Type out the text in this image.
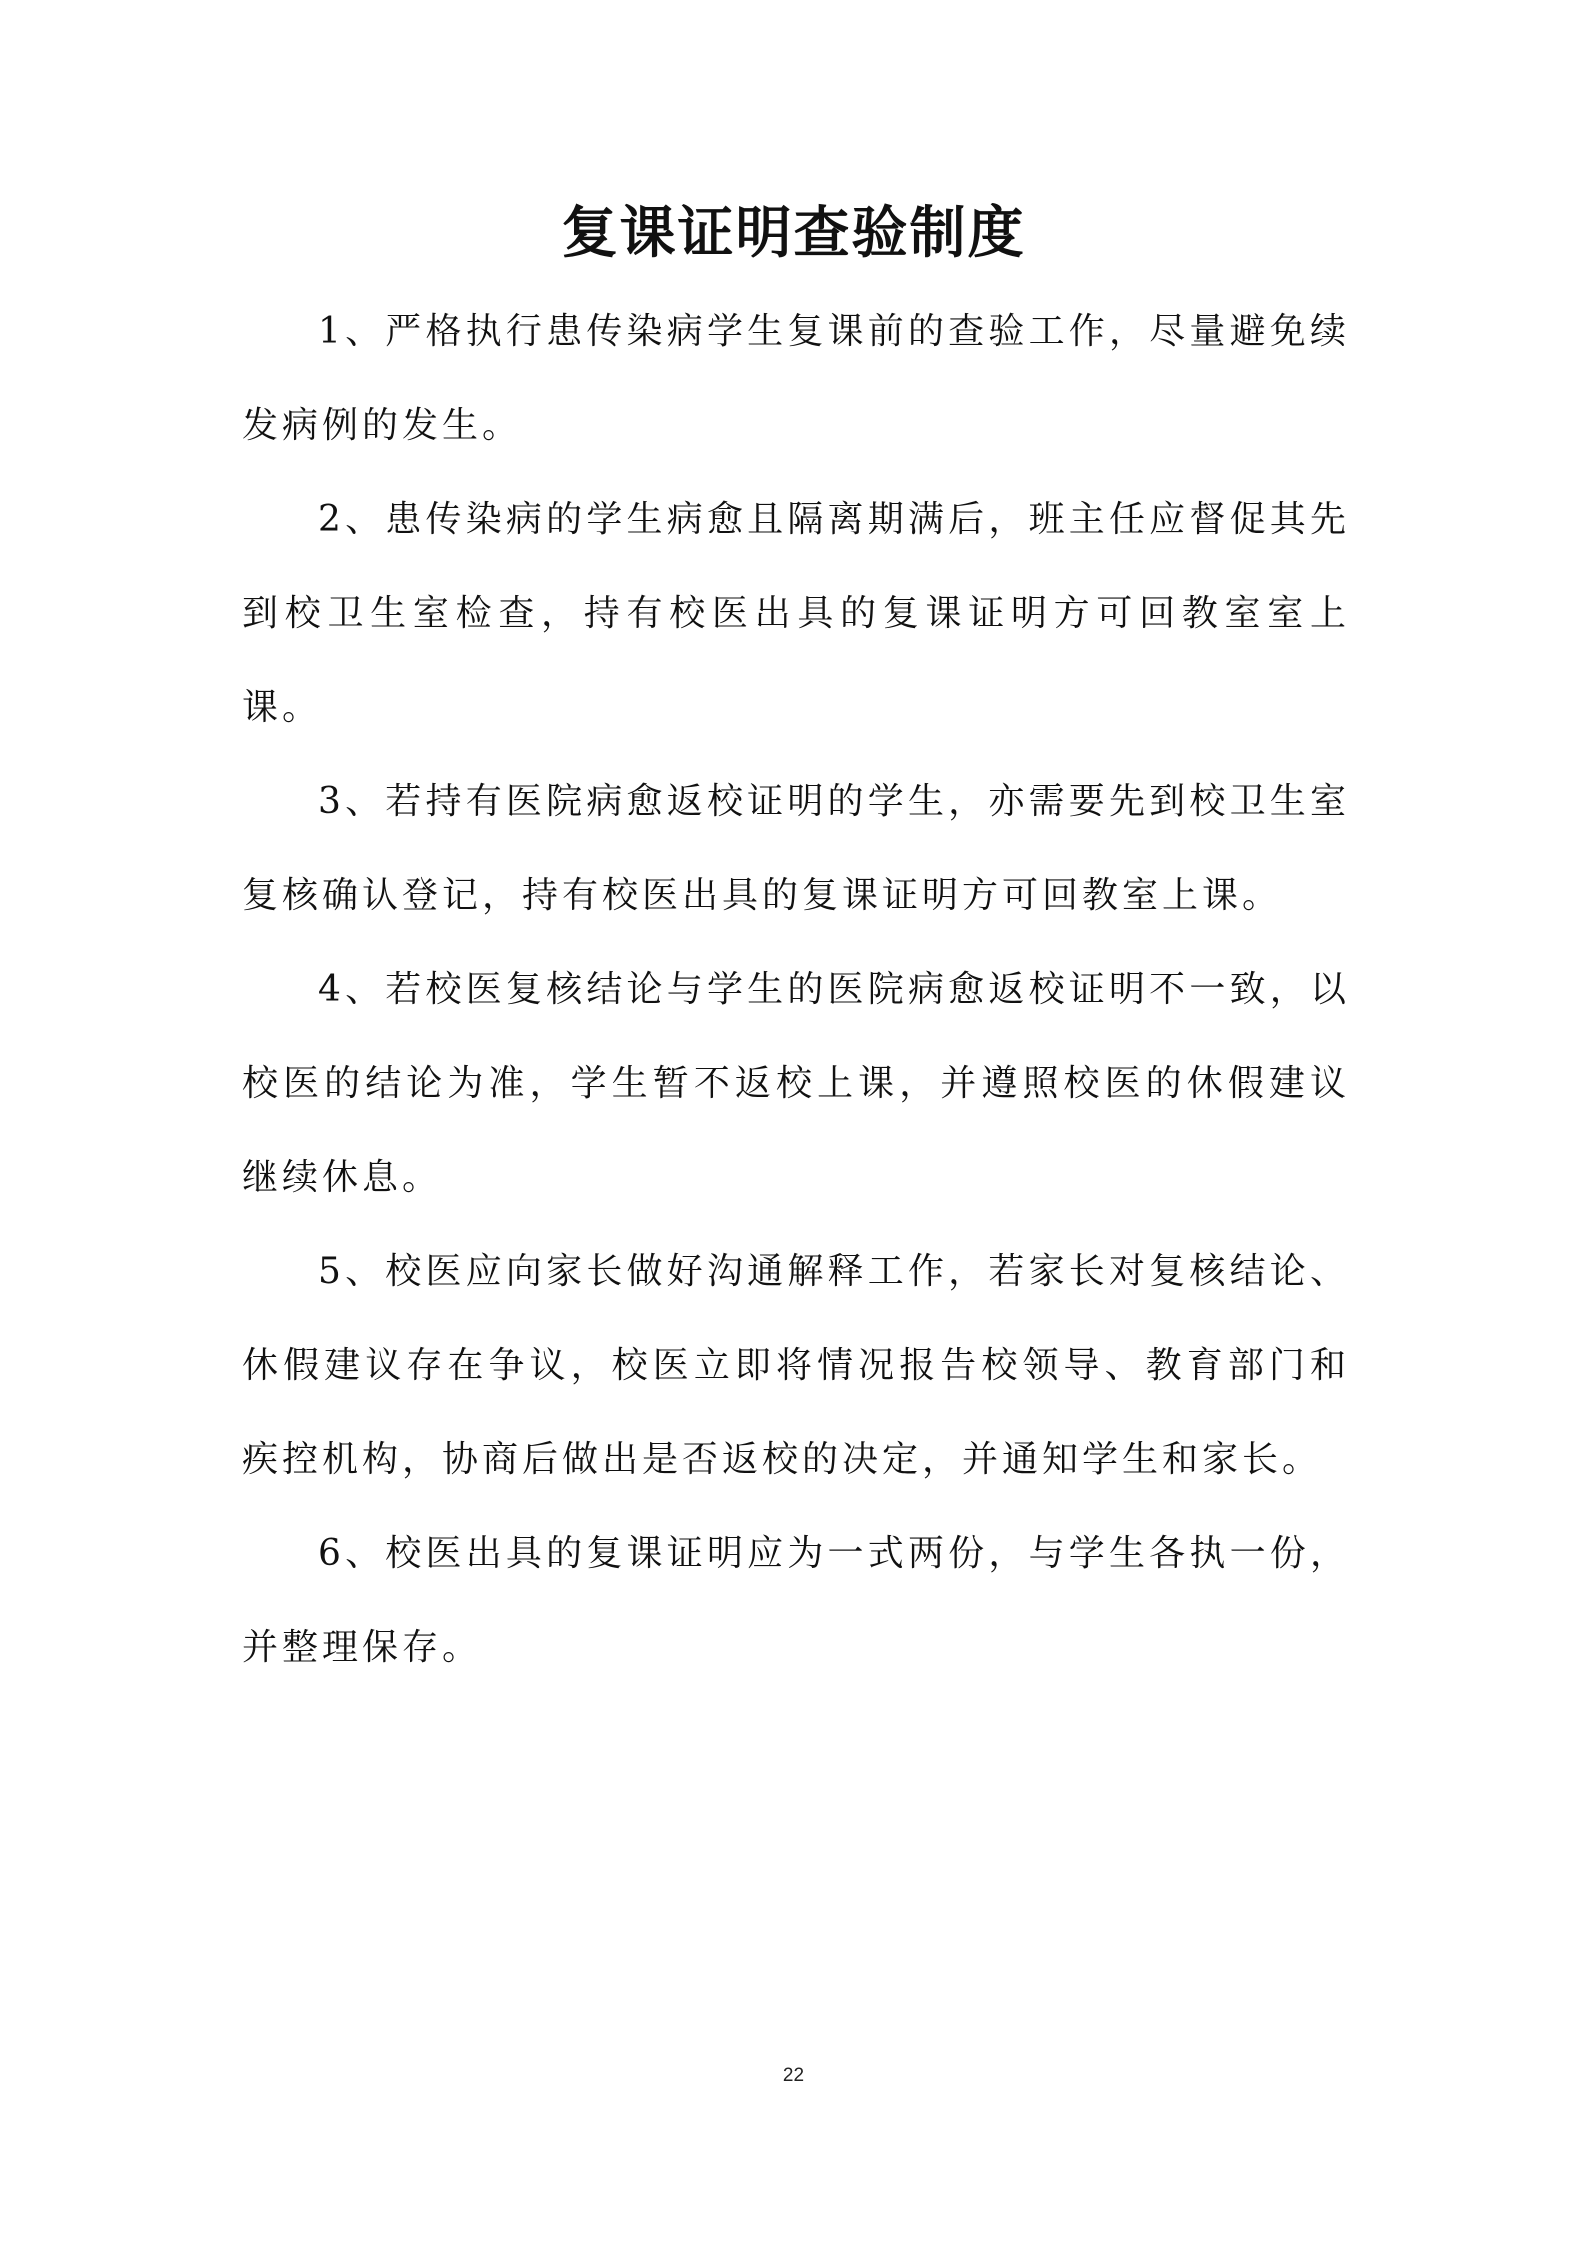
复课证明查验制度

1、严格执行患传染病学生复课前的查验工作，尽量避免续发病例的发生。

2、患传染病的学生病愈且隔离期满后，班主任应督促其先到校卫生室检查，持有校医出具的复课证明方可回教室室上课。

3、若持有医院病愈返校证明的学生，亦需要先到校卫生室复核确认登记，持有校医出具的复课证明方可回教室上课。

4、若校医复核结论与学生的医院病愈返校证明不一致，以校医的结论为准，学生暂不返校上课，并遵照校医的休假建议继续休息。

5、校医应向家长做好沟通解释工作，若家长对复核结论、休假建议存在争议，校医立即将情况报告校领导、教育部门和疾控机构，协商后做出是否返校的决定，并通知学生和家长。

6、校医出具的复课证明应为一式两份，与学生各执一份，并整理保存。

22
